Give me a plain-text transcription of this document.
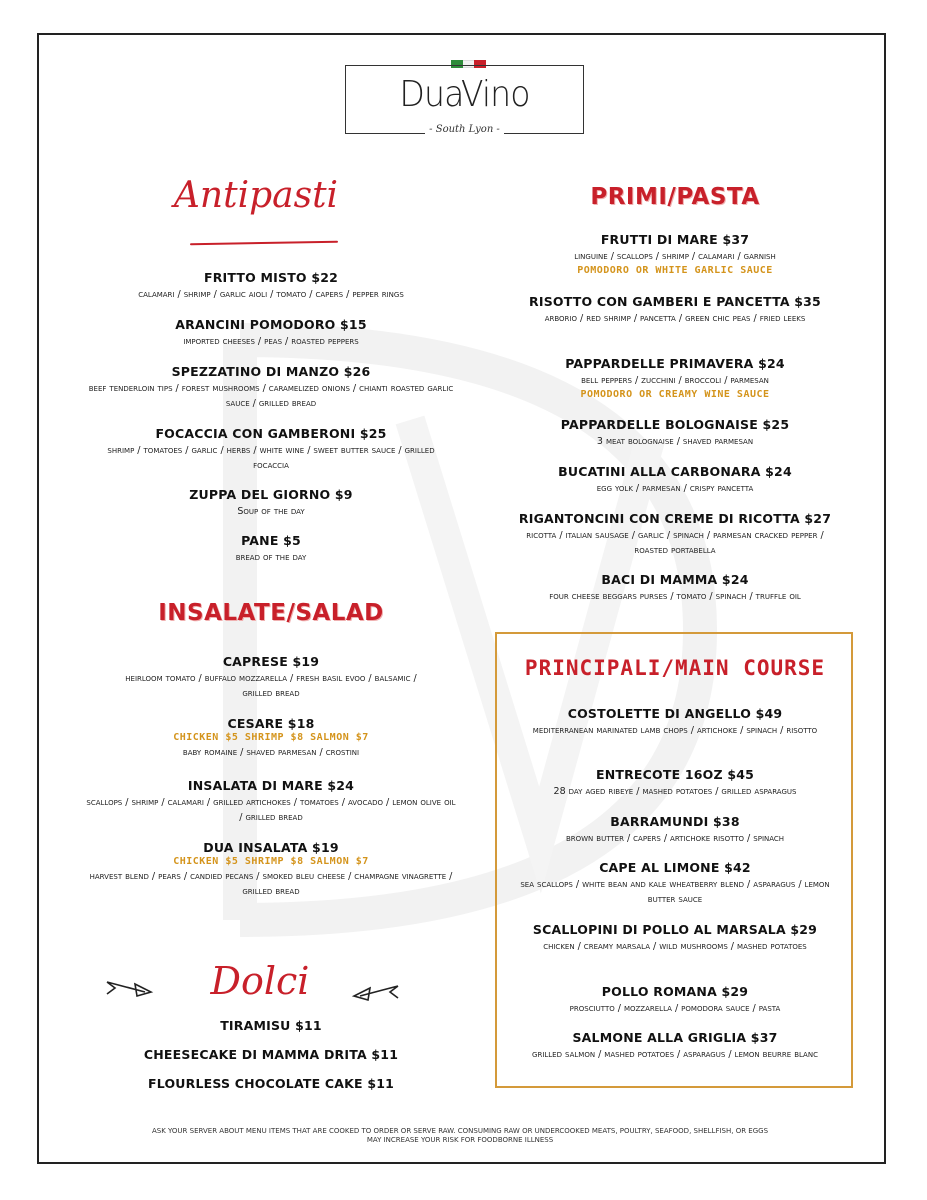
DuaVino
- South Lyon -
Antipasti

FRITTO MISTO $22

calamari / shrimp / garlic aioli / tomato / capers / pepper rings

ARANCINI POMODORO $15

imported cheeses / peas / roasted peppers

SPEZZATINO DI MANZO $26

beef tenderloin tips / forest mushrooms / caramelized onions / chianti roasted garlic sauce / grilled bread

FOCACCIA CON GAMBERONI $25

shrimp / tomatoes / garlic / herbs / white wine / sweet butter sauce / grilled focaccia

ZUPPA DEL GIORNO $9

Soup of the day

PANE $5

bread of the day

INSALATE/SALAD

CAPRESE $19

heirloom tomato / buffalo mozzarella / fresh basil evoo / balsamic / grilled bread

CESARE $18

CHICKEN $5 SHRIMP $8 SALMON $7

baby romaine / shaved parmesan / crostini

INSALATA DI MARE $24

scallops / shrimp / calamari / grilled artichokes / tomatoes / avocado / lemon olive oil / grilled bread

DUA INSALATA $19

CHICKEN $5 SHRIMP $8 SALMON $7

harvest blend / pears / candied pecans / smoked bleu cheese / champagne vinagrette / grilled bread

Dolci

TIRAMISU $11

CHEESECAKE DI MAMMA DRITA $11

FLOURLESS CHOCOLATE CAKE $11

PRIMI/PASTA

FRUTTI DI MARE $37

linguine / scallops / shrimp / calamari / garnish

POMODORO OR WHITE GARLIC SAUCE

RISOTTO CON GAMBERI E PANCETTA $35

arborio / red shrimp / pancetta / green chic peas / fried leeks

PAPPARDELLE PRIMAVERA $24

bell peppers / zucchini / broccoli / parmesan

POMODORO OR CREAMY WINE SAUCE

PAPPARDELLE BOLOGNAISE $25

3 meat bolognaise / shaved parmesan

BUCATINI ALLA CARBONARA $24

egg yolk / parmesan / crispy pancetta

RIGANTONCINI CON CREME DI RICOTTA $27

ricotta / italian sausage / garlic / spinach / parmesan cracked pepper / roasted portabella

BACI DI MAMMA $24

four cheese beggars purses / tomato / spinach / truffle oil

PRINCIPALI/MAIN COURSE

COSTOLETTE DI ANGELLO $49

mediterranean marinated lamb chops / artichoke / spinach / risotto

ENTRECOTE 16OZ $45

28 day aged ribeye / mashed potatoes / grilled asparagus

BARRAMUNDI $38

brown butter / capers / artichoke risotto / spinach

CAPE AL LIMONE $42

sea scallops / white bean and kale wheatberry blend / asparagus / lemon butter sauce

SCALLOPINI DI POLLO AL MARSALA $29

chicken / creamy marsala / wild mushrooms / mashed potatoes

POLLO ROMANA $29

prosciutto / mozzarella / pomodora sauce / pasta

SALMONE ALLA GRIGLIA $37

grilled salmon / mashed potatoes / asparagus / lemon beurre blanc

ASK YOUR SERVER ABOUT MENU ITEMS THAT ARE COOKED TO ORDER OR SERVE RAW. CONSUMING RAW OR UNDERCOOKED MEATS, POULTRY, SEAFOOD, SHELLFISH, OR EGGS MAY INCREASE YOUR RISK FOR FOODBORNE ILLNESS
